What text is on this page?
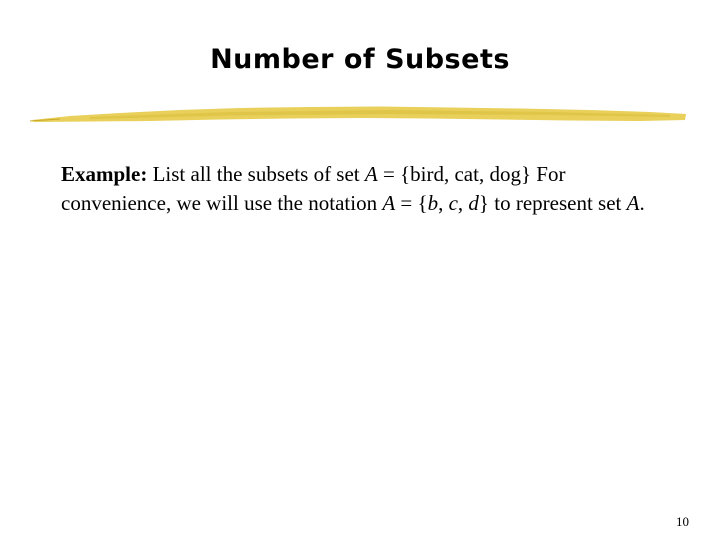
Number of Subsets
Example: List all the subsets of set A = {bird, cat, dog} For convenience, we will use the notation A = {b, c, d} to represent set A.
10
